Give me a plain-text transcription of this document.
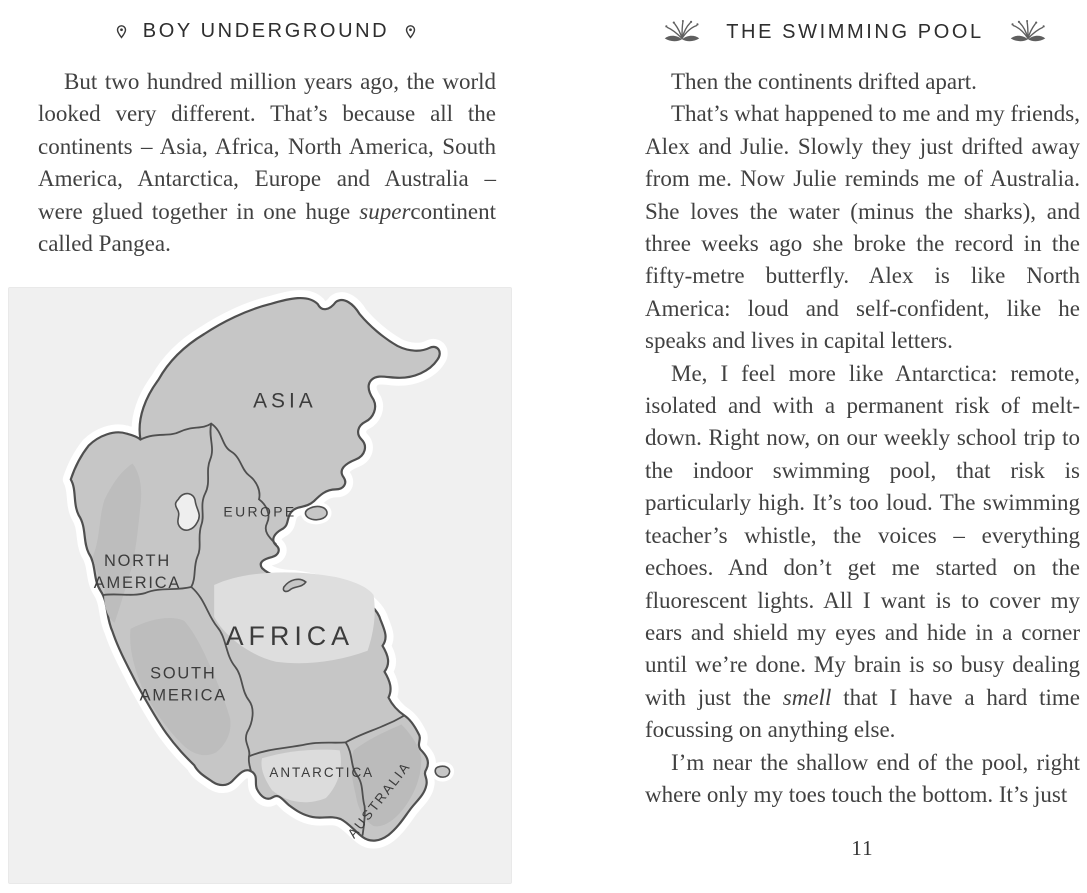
BOY UNDERGROUND

But two hundred million years ago, the world looked very different. That’s because all the continents – Asia, Africa, North America, South America, Antarctica, Europe and Australia – were glued together in one huge supercontinent called Pangea.

ASIA
EUROPE
NORTH
AMERICA
AFRICA
SOUTH
AMERICA
ANTARCTICA
AUSTRALIA
THE SWIMMING POOL

Then the continents drifted apart.

That’s what happened to me and my friends, Alex and Julie. Slowly they just drifted away from me. Now Julie reminds me of Australia. She loves the water (minus the sharks), and three weeks ago she broke the record in the fifty-metre butterfly. Alex is like North America: loud and self-confident, like he speaks and lives in capital letters.

Me, I feel more like Antarctica: remote, isolated and with a permanent risk of melt-down. Right now, on our weekly school trip to the indoor swimming pool, that risk is particularly high. It’s too loud. The swimming teacher’s whistle, the voices – everything echoes. And don’t get me started on the fluorescent lights. All I want is to cover my ears and shield my eyes and hide in a corner until we’re done. My brain is so busy dealing with just the smell that I have a hard time focussing on anything else.

I’m near the shallow end of the pool, right where only my toes touch the bottom. It’s just

11
